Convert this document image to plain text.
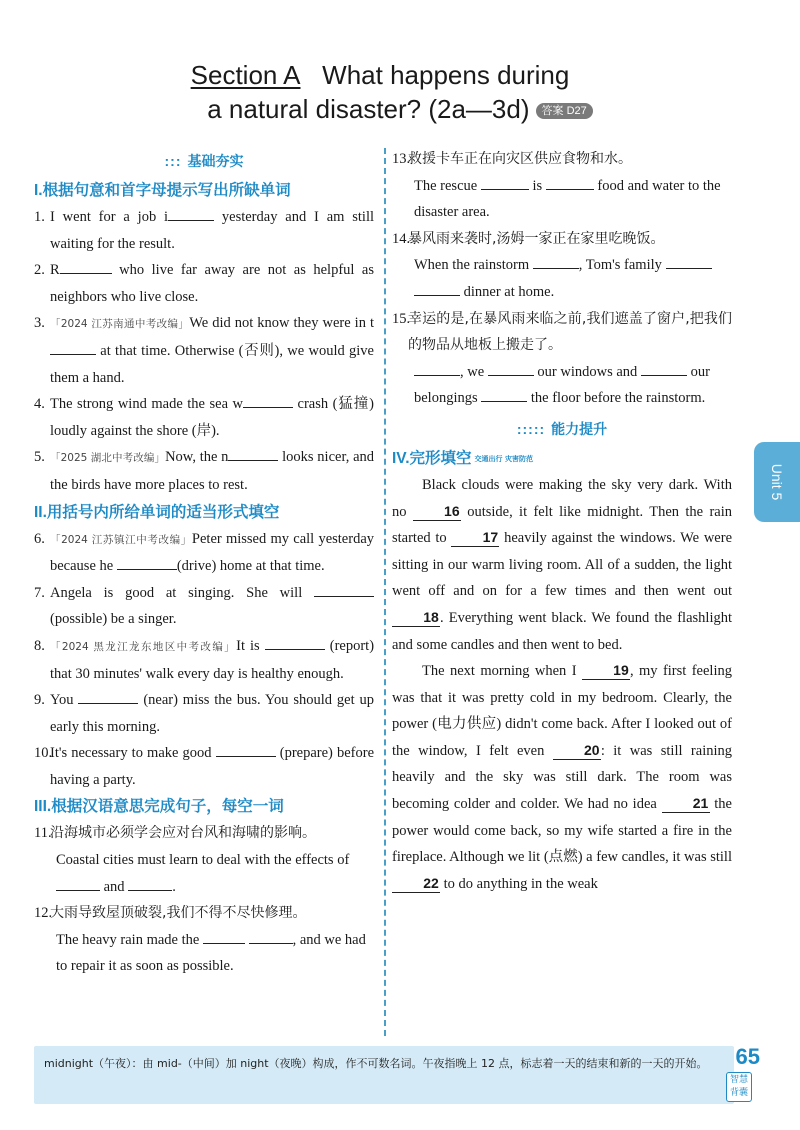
Section A What happens during
a natural disaster? (2a—3d) 答案 D27
::: 基础夯实
I.根据句意和首字母提示写出所缺单词
1. I went for a job i	yesterday and I am still waiting for the result.
2. R	who live far away are not as helpful as neighbors who live close.
3. 「2024 江苏南通中考改编」We did not know they were in t at that time. Otherwise (否则), we would give them a hand.
4. The strong wind made the sea w	crash (猛撞) loudly against the shore (岸).
5. 「2025 湖北中考改编」Now, the n	looks nicer, and the birds have more places to rest.
II.用括号内所给单词的适当形式填空
6. 「2024 江苏镇江中考改编」Peter missed my call yesterday because he	(drive) home at that time.
7. Angela is good at singing. She will  (possible) be a singer.
8. 「2024 黑龙江龙东地区中考改编」It is	(report) that 30 minutes' walk every day is healthy enough.
9. You	(near) miss the bus. You should get up early this morning.
10.
It's necessary to make good	(prepare) before having a party.
III.根据汉语意思完成句子，每空一词
11.
沿海城市必须学会应对台风和海啸的影响。
Coastal cities must learn to deal with the effects of  and	.
12.
大雨导致屋顶破裂,我们不得不尽快修理。
The heavy rain made the	, and we had to repair it as soon as possible.
13.
救援卡车正在向灾区供应食物和水。
The rescue	is	food and water to the disaster area.
14.
暴风雨来袭时,汤姆一家正在家里吃晚饭。
When the rainstorm	, Tom's family   dinner at home.
15.
幸运的是,在暴风雨来临之前,我们遮盖了窗户,把我们的物品从地板上搬走了。
, we	our windows and	our belongings	the floor before the rainstorm.
::::: 能力提升
IV.完形填空 交通出行 灾害防范
Black clouds were making the sky very dark. With no	16 outside, it felt like midnight. Then the rain started to	17 heavily against the windows. We were sitting in our warm living room. All of a sudden, the light went off and on for a few times and then went out 18. Everything went black. We found the flashlight and some candles and then went to bed.
The next morning when I	19, my first feeling was that it was pretty cold in my bedroom. Clearly, the power (电力供应) didn't come back. After I looked out of the window, I felt even	20: it was still raining heavily and the sky was still dark. The room was becoming colder and colder. We had no idea	21 the power would come back, so my wife started a fire in the fireplace. Although we lit (点燃) a few candles, it was still 22 to do anything in the weak
Unit 5
midnight（午夜）：由 mid-（中间）加 night（夜晚）构成，作不可数名词。午夜指晚上 12 点，标志着一天的结束和新的一天的开始。	65
智慧背囊
